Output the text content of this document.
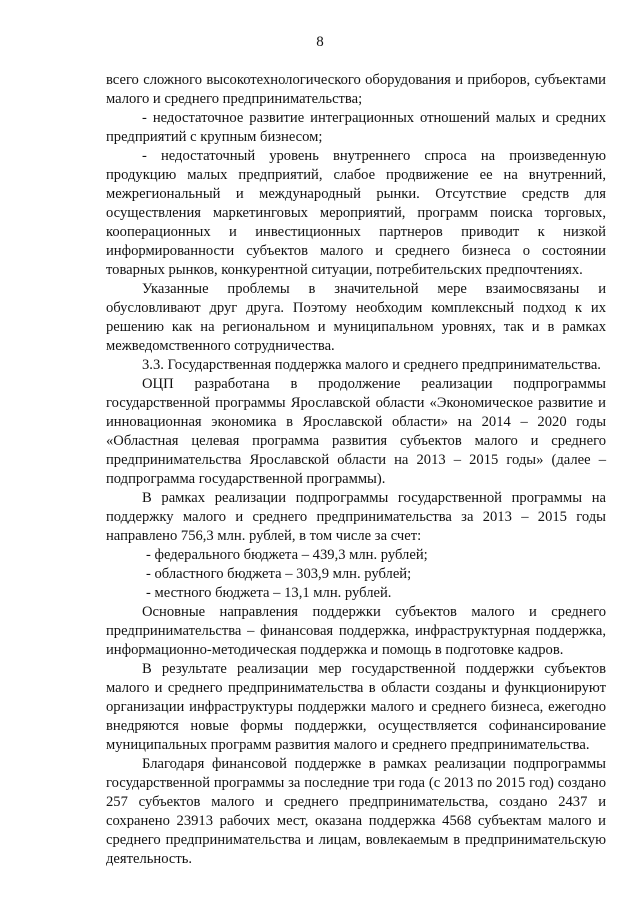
8

всего сложного высокотехнологического оборудования и приборов, субъектами малого и среднего предпринимательства;

- недостаточное развитие интеграционных отношений малых и средних предприятий с крупным бизнесом;

- недостаточный уровень внутреннего спроса на произведенную продукцию малых предприятий, слабое продвижение ее на внутренний, межрегиональный и международный рынки. Отсутствие средств для осуществления маркетинговых мероприятий, программ поиска торговых, кооперационных и инвестиционных партнеров приводит к низкой информированности субъектов малого и среднего бизнеса о состоянии товарных рынков, конкурентной ситуации, потребительских предпочтениях.

Указанные проблемы в значительной мере взаимосвязаны и обусловливают друг друга. Поэтому необходим комплексный подход к их решению как на региональном и муниципальном уровнях, так и в рамках межведомственного сотрудничества.

3.3. Государственная поддержка малого и среднего предпринимательства.

ОЦП разработана в продолжение реализации подпрограммы государственной программы Ярославской области «Экономическое развитие и инновационная экономика в Ярославской области» на 2014 – 2020 годы «Областная целевая программа развития субъектов малого и среднего предпринимательства Ярославской области на 2013 – 2015 годы» (далее – подпрограмма государственной программы).

В рамках реализации подпрограммы государственной программы на поддержку малого и среднего предпринимательства за 2013 – 2015 годы направлено 756,3 млн. рублей, в том числе за счет:

- федерального бюджета – 439,3 млн. рублей;

- областного бюджета – 303,9 млн. рублей;

- местного бюджета – 13,1 млн. рублей.

Основные направления поддержки субъектов малого и среднего предпринимательства – финансовая поддержка, инфраструктурная поддержка, информационно-методическая поддержка и помощь в подготовке кадров.

В результате реализации мер государственной поддержки субъектов малого и среднего предпринимательства в области созданы и функционируют организации инфраструктуры поддержки малого и среднего бизнеса, ежегодно внедряются новые формы поддержки, осуществляется софинансирование муниципальных программ развития малого и среднего предпринимательства.

Благодаря финансовой поддержке в рамках реализации подпрограммы государственной программы за последние три года (с 2013 по 2015 год) создано 257 субъектов малого и среднего предпринимательства, создано 2437 и сохранено 23913 рабочих мест, оказана поддержка 4568 субъектам малого и среднего предпринимательства и лицам, вовлекаемым в предпринимательскую деятельность.
